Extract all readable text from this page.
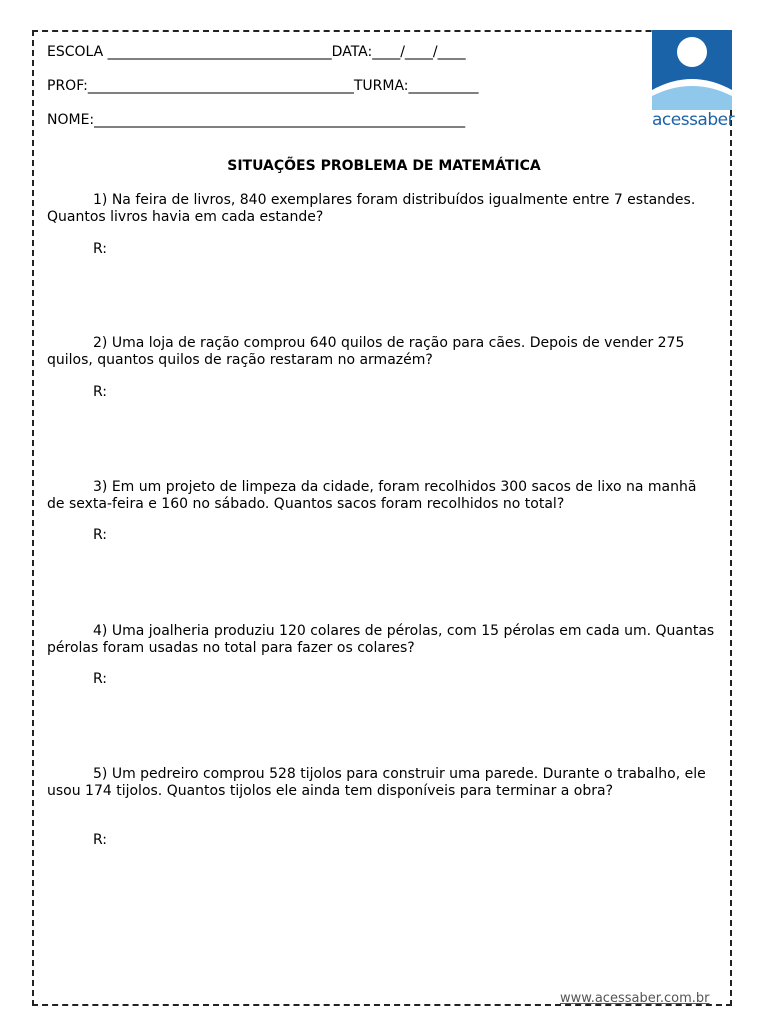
ESCOLA ________________________________DATA:____/____/____
PROF:______________________________________TURMA:__________
NOME:_____________________________________________________	acessaber
SITUAÇÕES PROBLEMA DE MATEMÁTICA
1) Na feira de livros, 840 exemplares foram distribuídos igualmente entre 7 estandes. Quantos livros havia em cada estande?
R:
2) Uma loja de ração comprou 640 quilos de ração para cães. Depois de vender 275 quilos, quantos quilos de ração restaram no armazém?
R:
3) Em um projeto de limpeza da cidade, foram recolhidos 300 sacos de lixo na manhã de sexta-feira e 160 no sábado. Quantos sacos foram recolhidos no total?
R:
4) Uma joalheria produziu 120 colares de pérolas, com 15 pérolas em cada um. Quantas pérolas foram usadas no total para fazer os colares?
R:
5) Um pedreiro comprou 528 tijolos para construir uma parede. Durante o trabalho, ele usou 174 tijolos. Quantos tijolos ele ainda tem disponíveis para terminar a obra?
R:
www.acessaber.com.br
